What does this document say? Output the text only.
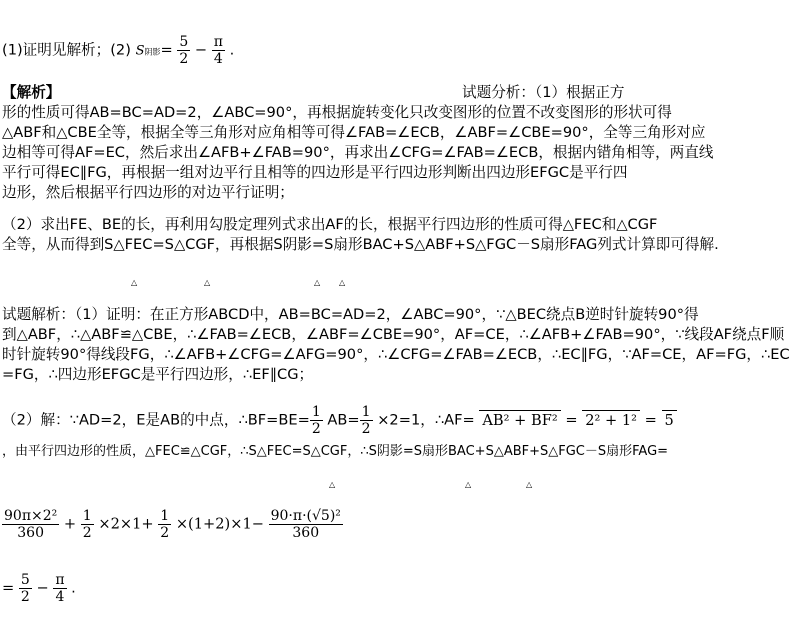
(1)证明见解析；(2) S阴影= $\frac{5}{2} - \frac{\pi}{4}$ .
【解析】	试题分析：（1）根据正方
形的性质可得AB=BC=AD=2，∠ABC=90°，再根据旋转变化只改变图形的位置不改变图形的形状可得
△ABF和△CBE全等，根据全等三角形对应角相等可得∠FAB=∠ECB，∠ABF=∠CBE=90°，全等三角形对应
边相等可得AF=EC，然后求出∠AFB+∠FAB=90°，再求出∠CFG=∠FAB=∠ECB，根据内错角相等，两直线
平行可得EC∥FG，再根据一组对边平行且相等的四边形是平行四边形判断出四边形EFGC是平行四
边形，然后根据平行四边形的对边平行证明；
（2）求出FE、BE的长，再利用勾股定理列式求出AF的长，根据平行四边形的性质可得△FEC和△CGF
全等，从而得到S△FEC=S△CGF，再根据S阴影=S扇形BAC+S△ABF+S△FGC－S扇形FAG列式计算即可得解.
△	△	△ △
试题解析：（1）证明：在正方形ABCD中，AB=BC=AD=2，∠ABC=90°，∵△BEC绕点B逆时针旋转90°得
到△ABF，∴△ABF≌△CBE，∴∠FAB=∠ECB，∠ABF=∠CBE=90°，AF=CE，∴∠AFB+∠FAB=90°，∵线段AF绕点F顺
时针旋转90°得线段FG，∴∠AFB+∠CFG=∠AFG=90°，∴∠CFG=∠FAB=∠ECB，∴EC∥FG，∵AF=CE，AF=FG，∴EC
=FG，∴四边形EFGC是平行四边形，∴EF∥CG；
（2）解：∵AD=2，E是AB的中点，∴BF=BE= $\frac{1}{2} AB= \frac{1}{2} \times 2=1$，∴AF= AB² + BF² = 2² + 1² = 5
，由平行四边形的性质，△FEC≌△CGF，∴S△FEC=S△CGF，∴S阴影=S扇形BAC+S△ABF+S△FGC－S扇形FAG=
△	△	△
$\frac{\text{90π×2²}}{360} + \frac{1}{2} \times 2\times 1+ \frac{1}{2} \times(1+2)\times 1- \frac{\text{90·π·(√5)²}}{360}$
= $\frac{5}{2} - \frac{\pi}{4}$ .
